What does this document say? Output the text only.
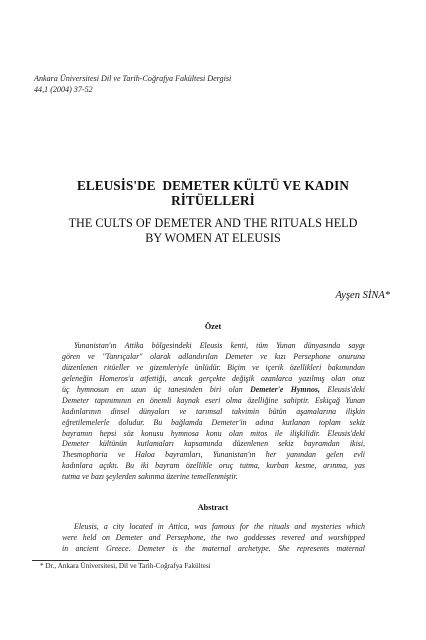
Ankara Üniversitesi Dil ve Tarih-Coğrafya Fakültesi Dergisi
44,1 (2004) 37-52
ELEUSİS'DE  DEMETER KÜLTÜ VE KADIN
RİTÜELLERİ
THE CULTS OF DEMETER AND THE RITUALS HELD
BY WOMEN AT ELEUSIS
Ayşen SİNA*
Özet
Yunanistan'ın Attika bölgesindeki Eleusis kenti, tüm Yunan dünyasında saygı
gören ve "Tanrıçalar" olarak adlandırılan Demeter ve kızı Persephone onuruna
düzenlenen ritüeller ve gizemleriyle ünlüdür. Biçim ve içerik özellikleri bakımından
geleneğin Homeros'a atfettiği, ancak gerçekte değişik ozanlarca yazılmış olan otuz
üç hymnosun en uzun üç tanesinden biri olan Demeter'e Hymnos, Eleusis'deki
Demeter tapınımının en önemli kaynak eseri olma özelliğine sahiptir. Eskiçağ Yunan
kadınlarının dinsel dünyaları ve tarımsal takvimin bütün aşamalarına ilişkin
eğretilemelerle doludur. Bu bağlamda Demeter'in adına kutlanan toplam sekiz
bayramın hepsi söz konusu hymnosa konu olan mitos ile ilişkilidir. Eleusis'deki
Demeter kültünün kutlamaları kapsamında düzenlenen sekiz bayramdan ikisi,
Thesmophoria ve Haloa bayramları, Yunanistan'ın her yanından gelen evli
kadınlara açıktı. Bu iki bayram özellikle oruç tutma, kurban kesme, arınma, yas
tutma ve bazı şeylerden sakınma üzerine temellenmiştir.
Abstract
Eleusis, a city located in Attica, was famous for the rituals and mysteries which
were held on Demeter and Persephone, the two goddesses revered and worshipped
in ancient Greece. Demeter is the maternal archetype. She represents maternal
* Dr., Ankara Üniversitesi, Dil ve Tarih-Coğrafya Fakültesi
